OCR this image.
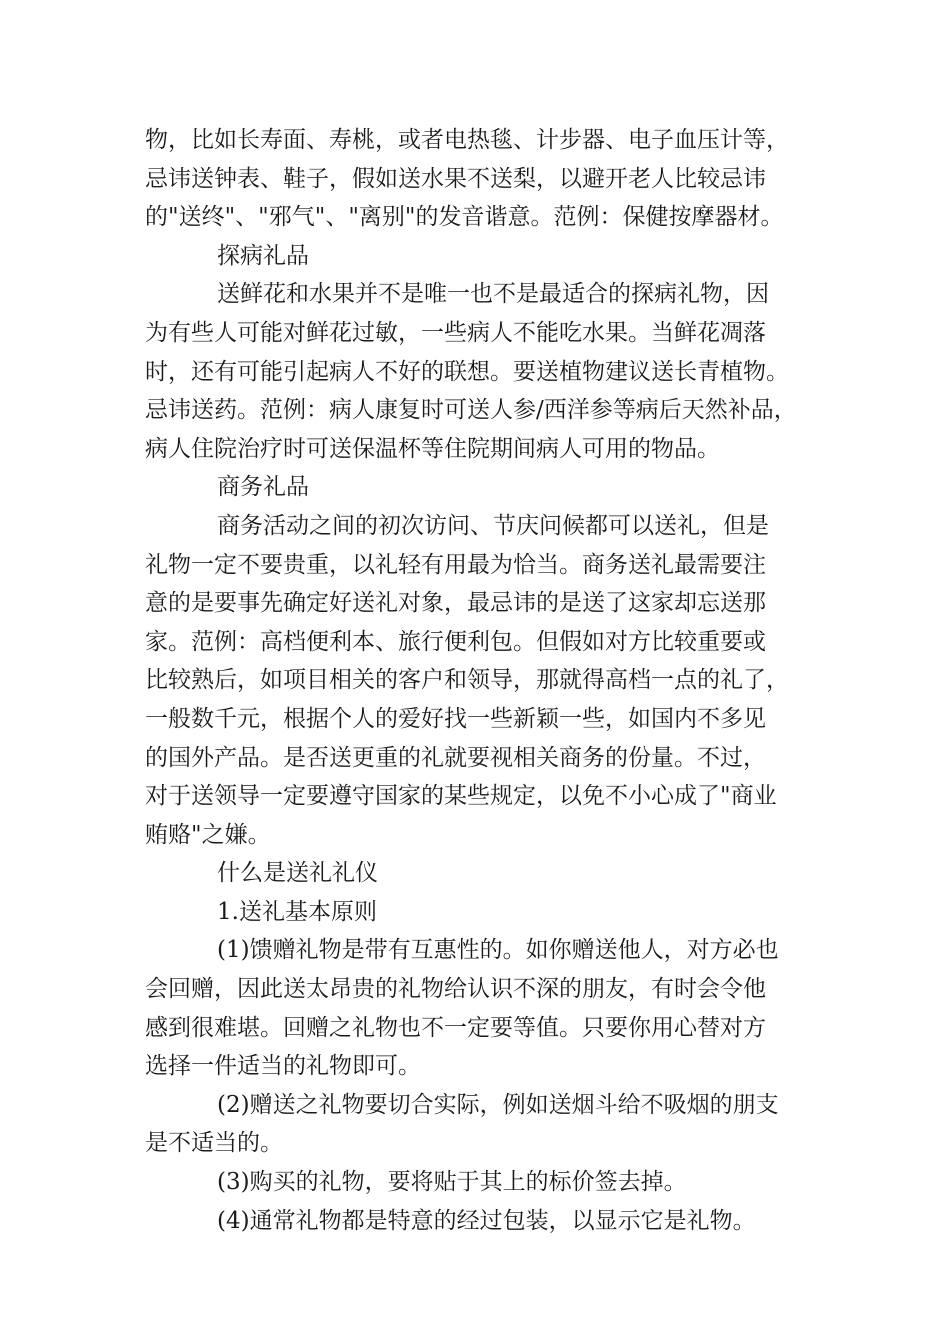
物，比如长寿面、寿桃，或者电热毯、计步器、电子血压计等，
忌讳送钟表、鞋子，假如送水果不送梨，以避开老人比较忌讳
的"送终"、"邪气"、"离别"的发音谐意。范例：保健按摩器材。
探病礼品
送鲜花和水果并不是唯一也不是最适合的探病礼物，因
为有些人可能对鲜花过敏，一些病人不能吃水果。当鲜花凋落
时，还有可能引起病人不好的联想。要送植物建议送长青植物。
忌讳送药。范例：病人康复时可送人参/西洋参等病后天然补品，
病人住院治疗时可送保温杯等住院期间病人可用的物品。
商务礼品
商务活动之间的初次访问、节庆问候都可以送礼，但是
礼物一定不要贵重，以礼轻有用最为恰当。商务送礼最需要注
意的是要事先确定好送礼对象，最忌讳的是送了这家却忘送那
家。范例：高档便利本、旅行便利包。但假如对方比较重要或
比较熟后，如项目相关的客户和领导，那就得高档一点的礼了，
一般数千元，根据个人的爱好找一些新颖一些，如国内不多见
的国外产品。是否送更重的礼就要视相关商务的份量。不过，
对于送领导一定要遵守国家的某些规定，以免不小心成了"商业
贿赂"之嫌。
什么是送礼礼仪
1.送礼基本原则
(1)馈赠礼物是带有互惠性的。如你赠送他人，对方必也
会回赠，因此送太昂贵的礼物给认识不深的朋友，有时会令他
感到很难堪。回赠之礼物也不一定要等值。只要你用心替对方
选择一件适当的礼物即可。
(2)赠送之礼物要切合实际，例如送烟斗给不吸烟的朋支
是不适当的。
(3)购买的礼物，要将贴于其上的标价签去掉。
(4)通常礼物都是特意的经过包装，以显示它是礼物。
